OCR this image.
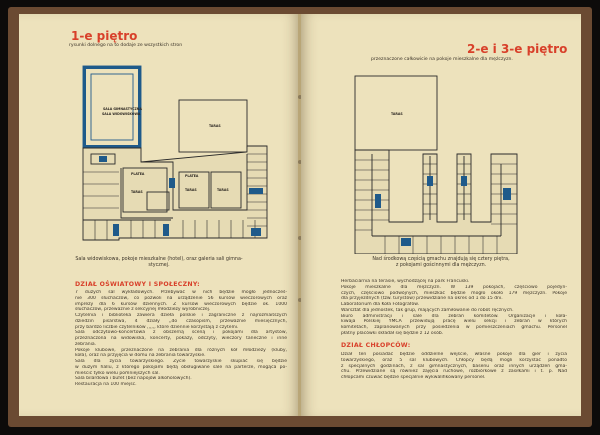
1-e piętro
rysunki dolnego na to dodaje ze wszystkich stron
SALA GIMNASTYCZNA
SALA WIDOWISKOWA
TARAS
TARAS	TARAS	TARAS
PLATEA	PLATEA
Sala widowiskowa, pokoje mieszkalne (hotel), oraz galeria sali gimna-
stycznej.
DZIAŁ OŚWIATOWY I SPOŁECZNY:
7 dużych sal wykładowych. Przebywać w nich będzie mogło jednocześ-
nie 300 słuchaczów, co pozwoli na urządzenie 56 kursów wieczorowych oraz
imprezy dla 6 kursów dziennych. Z kursów wieczorowych będzie ok. 1000
słuchaczów, przeważnie z sekcyjnej młodzieży wyrobniczej.
Czytelnia i biblioteka zawiera dzieła polskie i zagraniczne z najrozmaitszych
dziedzin pisarstwa, 4 działy ,,do czasopism, przeważnie miesięcznych,
przy bardzo liczbie czytelników ,,,,,, które dziennie korzystają z czytelni.
Sala odczytowo-koncertowa z obszerną sceną i pokojami dla artystów,
przeznaczona na widowiska, koncerty, pokazy, odczyty, wieczory taneczne i inne
zebrania.
Pokoje klubowe, przeznaczone na zebrania dla różnych kół młodzieży (kluby,
koła), oraz na przyjęcia w domu na zebrania towarzyskie.
Sala dla życia towarzyskiego. Życie towarzyskie skupiać się będzie
w dużym hallu, z którego pokojami będą obsługiwane sale na parterze, mogąca po-
mieścić tylko wielu pomniejszych sal.
Sala bilardowa i bufet (bez napojów alkoholowych).
Restauracja na 100 miejsc.
2-e i 3-e piętro
przeznaczone całkowicie na pokoje mieszkalne dla mężczyzn.
TARAS
Nad środkową częścią gmachu znajdują się cztery piętra,
z pokojami gościnnymi dla mężczyzn.
Herbaciarnia na terasie, wychodzącej na park Francuski.
Pokoje mieszkalne dla mężczyzn. W 139 pokojach, częściowo pojedyn-
czych, częściowo podwójnych, mieszkać będzie mogło około 179 mężczyzn. Pokoje
dla przyjezdnych (tzw. turystów) przewidziane na okres od 1 do 15 dni.
Laboratorium dla Koła Fotografów.
Warsztat dla jednostek, tak grup, mających zamiłowanie do robót ręcznych.
Biuro administracji i sale dla zebrań komitetów. Organizacje i koła-
kiwaja Polskiej YMCA przewidują pracę wielu sekcji i zebrań w których
komitetach, zaplanowanych przy posiedzenia w pomieszczeniach gmachu. Personel
płatny placówki składał się będzie z 12 osób.
DZIAŁ CHŁOPCÓW:
Dział ten posiadać będzie oddzielne wejście, własne pokoje dla gier i życia
towarzyskiego, oraz 5 sal klubowych. Chłopcy będą mogli korzystać ponadto
z specjalnych godzinach, z sal gimnastycznych, basenu oraz innych urządzeń gma-
chu. Przewidziane są również zajęcia ruchowe, rozbiórkowe z zasiłkami i t. p. Nad
chłopcami czuwać będzie specjalnie wykwalifikowany personel.
